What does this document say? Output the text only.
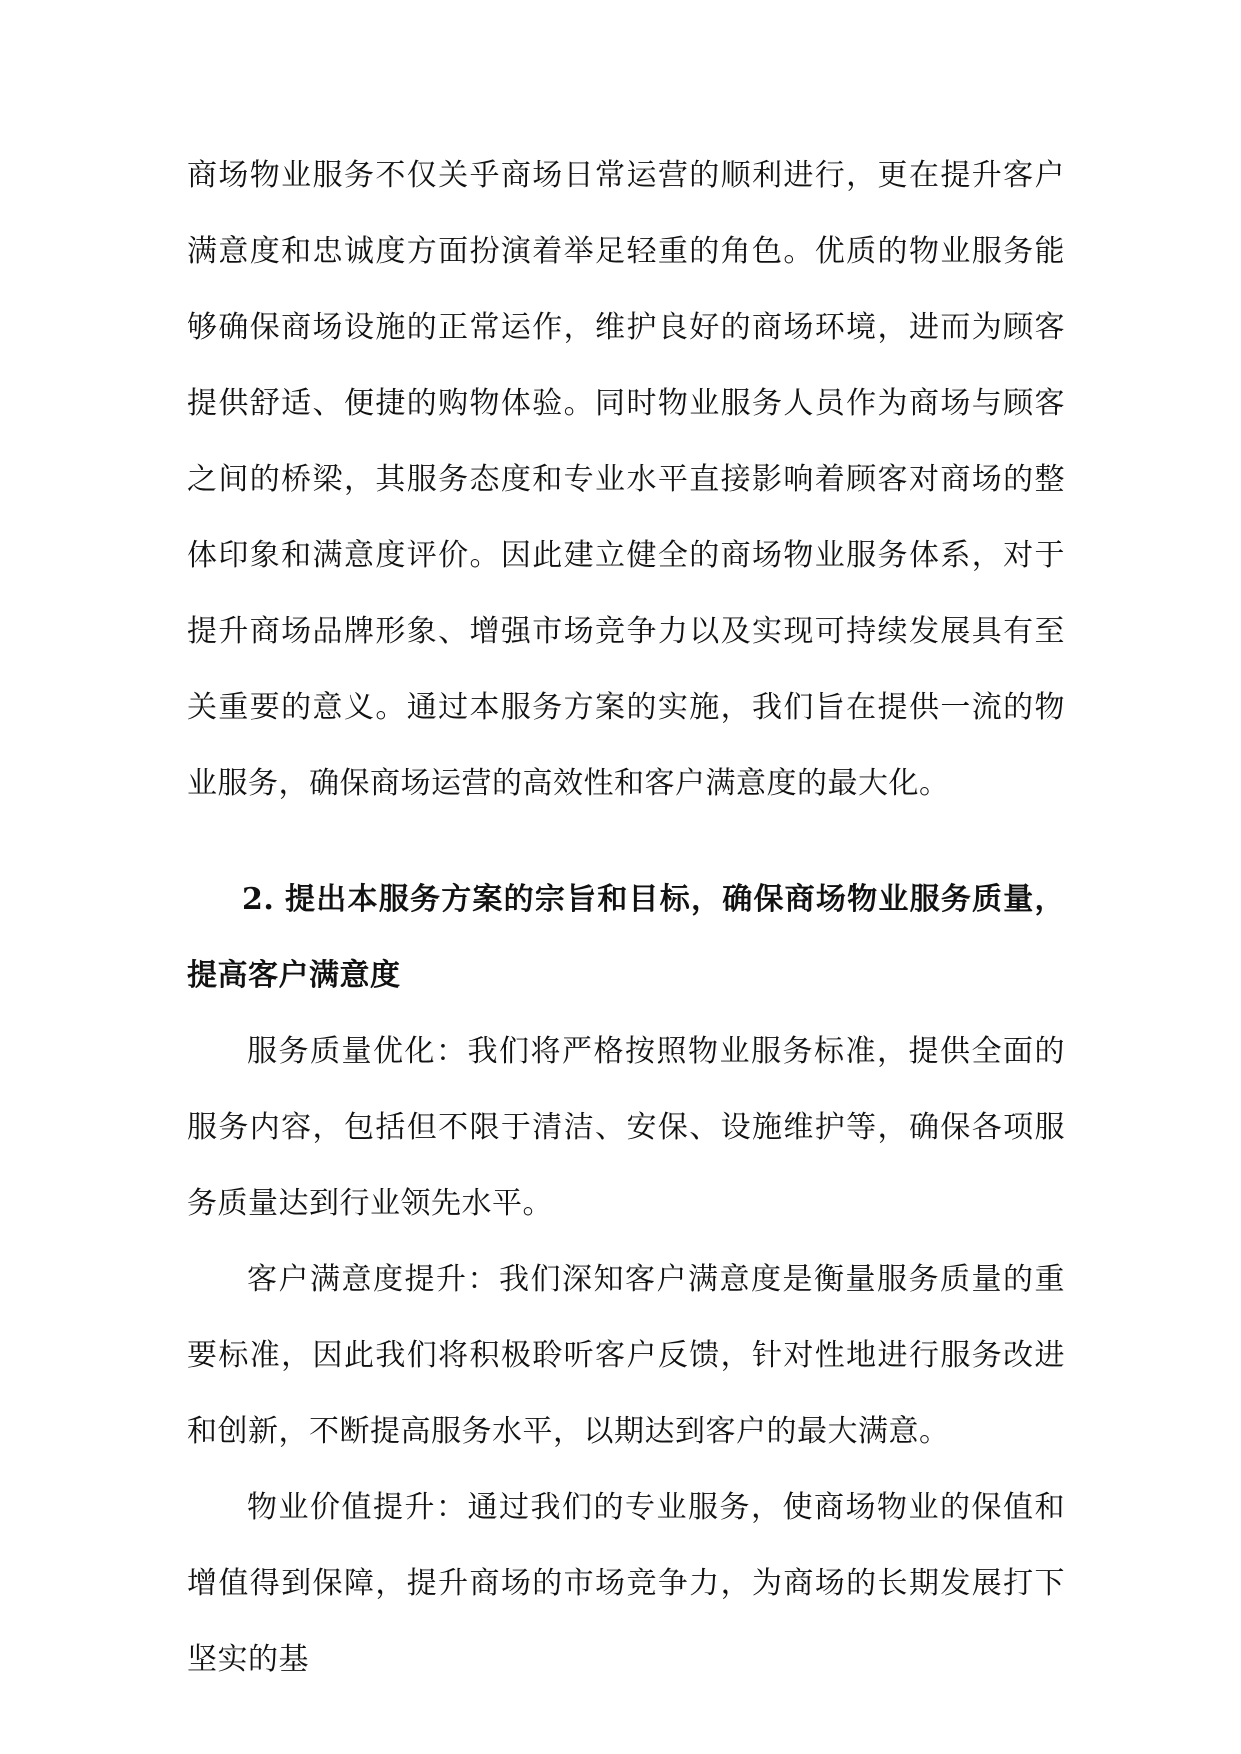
商场物业服务不仅关乎商场日常运营的顺利进行，更在提升客户满意度和忠诚度方面扮演着举足轻重的角色。优质的物业服务能够确保商场设施的正常运作，维护良好的商场环境，进而为顾客提供舒适、便捷的购物体验。同时物业服务人员作为商场与顾客之间的桥梁，其服务态度和专业水平直接影响着顾客对商场的整体印象和满意度评价。因此建立健全的商场物业服务体系，对于提升商场品牌形象、增强市场竞争力以及实现可持续发展具有至关重要的意义。通过本服务方案的实施，我们旨在提供一流的物业服务，确保商场运营的高效性和客户满意度的最大化。

2. 提出本服务方案的宗旨和目标，确保商场物业服务质量，提高客户满意度

服务质量优化：我们将严格按照物业服务标准，提供全面的服务内容，包括但不限于清洁、安保、设施维护等，确保各项服务质量达到行业领先水平。

客户满意度提升：我们深知客户满意度是衡量服务质量的重要标准，因此我们将积极聆听客户反馈，针对性地进行服务改进和创新，不断提高服务水平，以期达到客户的最大满意。

物业价值提升：通过我们的专业服务，使商场物业的保值和增值得到保障，提升商场的市场竞争力，为商场的长期发展打下坚实的基
